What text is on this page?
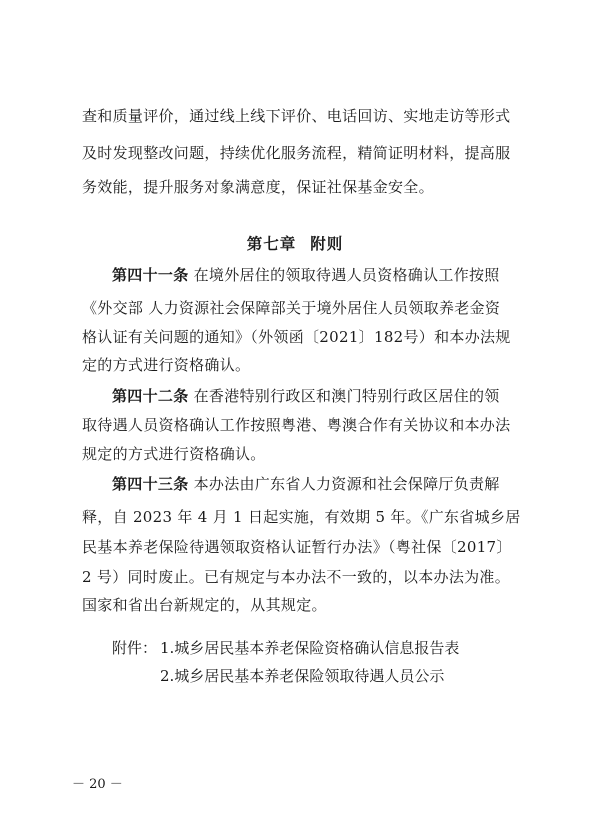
查和质量评价，通过线上线下评价、电话回访、实地走访等形式
及时发现整改问题，持续优化服务流程，精简证明材料，提高服
务效能，提升服务对象满意度，保证社保基金安全。
第七章 附则
第四十一条 在境外居住的领取待遇人员资格确认工作按照
《外交部 人力资源社会保障部关于境外居住人员领取养老金资
格认证有关问题的通知》（外领函〔2021〕182号）和本办法规
定的方式进行资格确认。
第四十二条 在香港特别行政区和澳门特别行政区居住的领
取待遇人员资格确认工作按照粤港、粤澳合作有关协议和本办法
规定的方式进行资格确认。
第四十三条 本办法由广东省人力资源和社会保障厅负责解
释，自 2023 年 4 月 1 日起实施，有效期 5 年。《广东省城乡居
民基本养老保险待遇领取资格认证暂行办法》（粤社保〔2017〕
2 号）同时废止。已有规定与本办法不一致的，以本办法为准。
国家和省出台新规定的，从其规定。
附件： 1.城乡居民基本养老保险资格确认信息报告表
2.城乡居民基本养老保险领取待遇人员公示
－ 20 －
